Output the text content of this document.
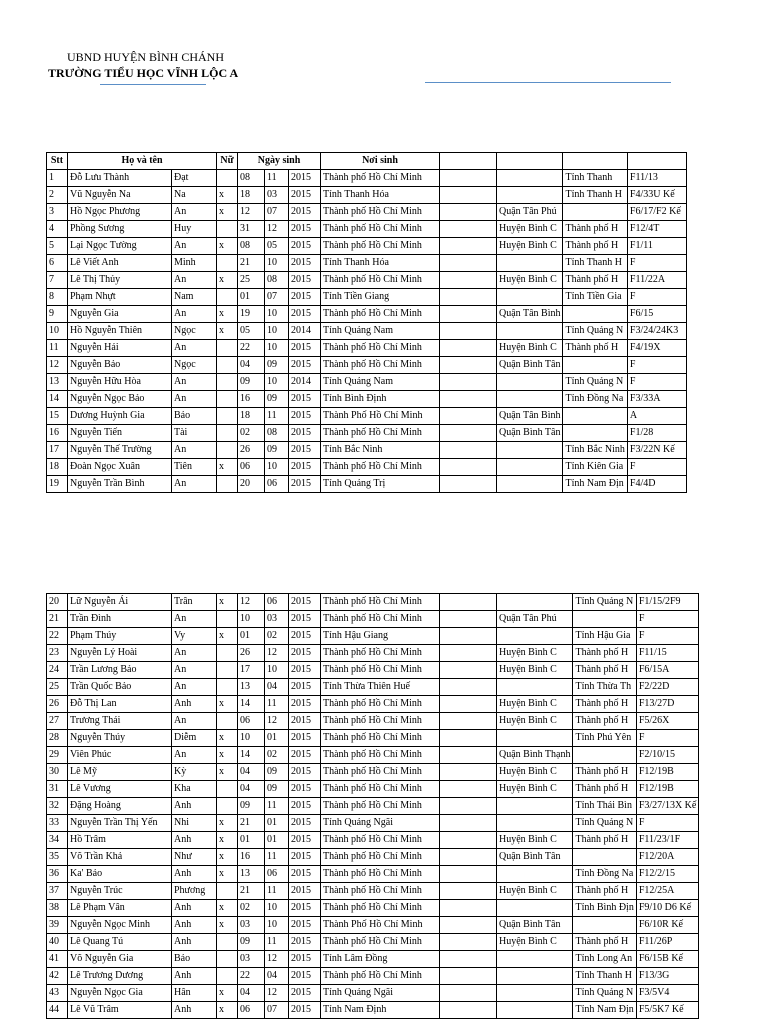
UBND HUYỆN BÌNH CHÁNH
TRƯỜNG TIỂU HỌC VĨNH LỘC A
Stt	Họ và tên		Nữ	Ngày sinh			Nơi sinh				
1	Đỗ Lưu Thành	Đạt		08	11	2015	Thành phố Hồ Chí Minh			Tỉnh Thanh	F11/13
2	Vũ Nguyễn Na	Na	x	18	03	2015	Tỉnh Thanh Hóa			Tỉnh Thanh H	F4/33U Kế
3	Hồ Ngọc Phương	An	x	12	07	2015	Thành phố Hồ Chí Minh		Quận Tân Phú		F6/17/F2 Kế
4	Phồng Sương	Huy		31	12	2015	Thành phố Hồ Chí Minh		Huyện Bình C	Thành phố H	F12/4T
5	Lại Ngọc Tường	An	x	08	05	2015	Thành phố Hồ Chí Minh		Huyện Bình C	Thành phố H	F1/11
6	Lê Viết Anh	Minh		21	10	2015	Tỉnh Thanh Hóa			Tỉnh Thanh H	F
7	Lê Thị Thủy	An	x	25	08	2015	Thành phố Hồ Chí Minh		Huyện Bình C	Thành phố H	F11/22A
8	Phạm Nhựt	Nam		01	07	2015	Tỉnh Tiền Giang			Tỉnh Tiền Gia	F
9	Nguyễn Gia	An	x	19	10	2015	Thành phố Hồ Chí Minh		Quận Tân Bình		F6/15
10	Hồ Nguyễn Thiên	Ngọc	x	05	10	2014	Tỉnh Quảng Nam			Tỉnh Quảng N	F3/24/24K3
11	Nguyễn Hải	An		22	10	2015	Thành phố Hồ Chí Minh		Huyện Bình C	Thành phố H	F4/19X
12	Nguyễn Bảo	Ngọc		04	09	2015	Thành phố Hồ Chí Minh		Quận Bình Tân		F
13	Nguyễn Hữu Hòa	An		09	10	2014	Tỉnh Quảng Nam			Tỉnh Quảng N	F
14	Nguyễn Ngọc Bảo	An		16	09	2015	Tỉnh Bình Định			Tỉnh Đồng Na	F3/33A
15	Dương Huỳnh Gia	Bảo		18	11	2015	Thành Phố Hồ Chí Minh		Quận Tân Bình		A
16	Nguyễn Tiến	Tài		02	08	2015	Thành phố Hồ Chí Minh		Quận Bình Tân		F1/28
17	Nguyễn Thế Trường	An		26	09	2015	Tỉnh Bắc Ninh			Tỉnh Bắc Ninh	F3/22N Kế
18	Đoàn Ngọc Xuân	Tiên	x	06	10	2015	Thành phố Hồ Chí Minh			Tỉnh Kiên Gia	F
19	Nguyễn Trần Bình	An		20	06	2015	Tỉnh Quảng Trị			Tỉnh Nam Địn	F4/4D
20	Lữ Nguyễn Ái	Trân	x	12	06	2015	Thành phố Hồ Chí Minh			Tỉnh Quảng N	F1/15/2F9
21	Trần Đình	An		10	03	2015	Thành phố Hồ Chí Minh		Quận Tân Phú		F
22	Phạm Thúy	Vy	x	01	02	2015	Tỉnh Hậu Giang			Tỉnh Hậu Gia	F
23	Nguyễn Lý Hoài	An		26	12	2015	Thành phố Hồ Chí Minh		Huyện Bình C	Thành phố H	F11/15
24	Trần Lương Bảo	An		17	10	2015	Thành phố Hồ Chí Minh		Huyện Bình C	Thành phố H	F6/15A
25	Trần Quốc Bảo	An		13	04	2015	Tỉnh Thừa Thiên Huế			Tỉnh Thừa Th	F2/22D
26	Đỗ Thị Lan	Anh	x	14	11	2015	Thành phố Hồ Chí Minh		Huyện Bình C	Thành phố H	F13/27D
27	Trương Thái	An		06	12	2015	Thành phố Hồ Chí Minh		Huyện Bình C	Thành phố H	F5/26X
28	Nguyễn Thúy	Diễm	x	10	01	2015	Thành phố Hồ Chí Minh			Tỉnh Phú Yên	F
29	Viên Phúc	An	x	14	02	2015	Thành phố Hồ Chí Minh		Quận Bình Thạnh		F2/10/15
30	Lê Mỹ	Kỳ	x	04	09	2015	Thành phố Hồ Chí Minh		Huyện Bình C	Thành phố H	F12/19B
31	Lê Vương	Kha		04	09	2015	Thành phố Hồ Chí Minh		Huyện Bình C	Thành phố H	F12/19B
32	Đặng Hoàng	Anh		09	11	2015	Thành phố Hồ Chí Minh			Tỉnh Thái Bìn	F3/27/13X Kế
33	Nguyễn Trần Thị Yến	Nhi	x	21	01	2015	Tỉnh Quảng Ngãi			Tỉnh Quảng N	F
34	Hồ Trâm	Anh	x	01	01	2015	Thành phố Hồ Chí Minh		Huyện Bình C	Thành phố H	F11/23/1F
35	Võ Trần Khả	Như	x	16	11	2015	Thành phố Hồ Chí Minh		Quận Bình Tân		F12/20A
36	Ka' Bảo	Anh	x	13	06	2015	Thành phố Hồ Chí Minh			Tỉnh Đồng Na	F12/2/15
37	Nguyễn Trúc	Phương		21	11	2015	Thành phố Hồ Chí Minh		Huyện Bình C	Thành phố H	F12/25A
38	Lê Phạm Vân	Anh	x	02	10	2015	Thành phố Hồ Chí Minh			Tỉnh Bình Địn	F9/10 D6 Kế
39	Nguyễn Ngọc Minh	Anh	x	03	10	2015	Thành Phố Hồ Chí Minh		Quận Bình Tân		F6/10R Kế
40	Lê Quang Tú	Anh		09	11	2015	Thành phố Hồ Chí Minh		Huyện Bình C	Thành phố H	F11/26P
41	Võ Nguyễn Gia	Bảo		03	12	2015	Tỉnh Lâm Đồng			Tỉnh Long An	F6/15B Kế
42	Lê Trương Dương	Anh		22	04	2015	Thành phố Hồ Chí Minh			Tỉnh Thanh H	F13/3G
43	Nguyễn Ngọc Gia	Hân	x	04	12	2015	Tỉnh Quảng Ngãi			Tỉnh Quảng N	F3/5V4
44	Lê Vũ Trâm	Anh	x	06	07	2015	Tỉnh Nam Định			Tỉnh Nam Địn	F5/5K7 Kế
